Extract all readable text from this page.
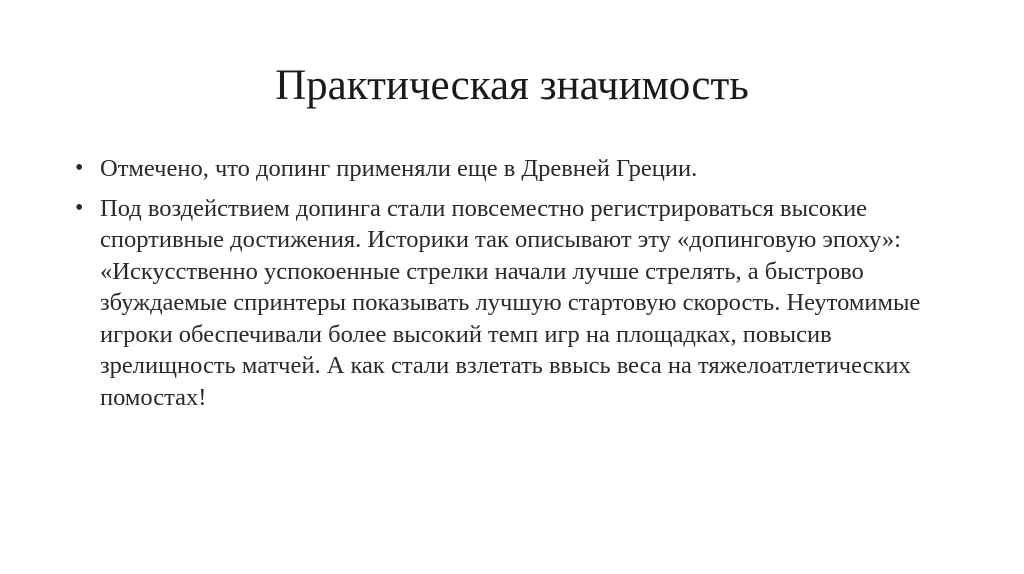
Практическая значимость
• Отмечено, что допинг применяли еще в Древней Греции.
• Под воздействием допинга стали повсеместно регистрироваться высокие спортивные достижения. Историки так описывают эту «допинговую эпоху»: «Искусственно успокоенные стрелки начали лучше стрелять, а быстрово збуждаемые спринтеры показывать лучшую стартовую скорость. Неутомимые игроки обеспечивали более высокий темп игр на площадках, повысив зрелищность матчей. А как стали взлетать ввысь веса на тяжелоатлетических помостах!
